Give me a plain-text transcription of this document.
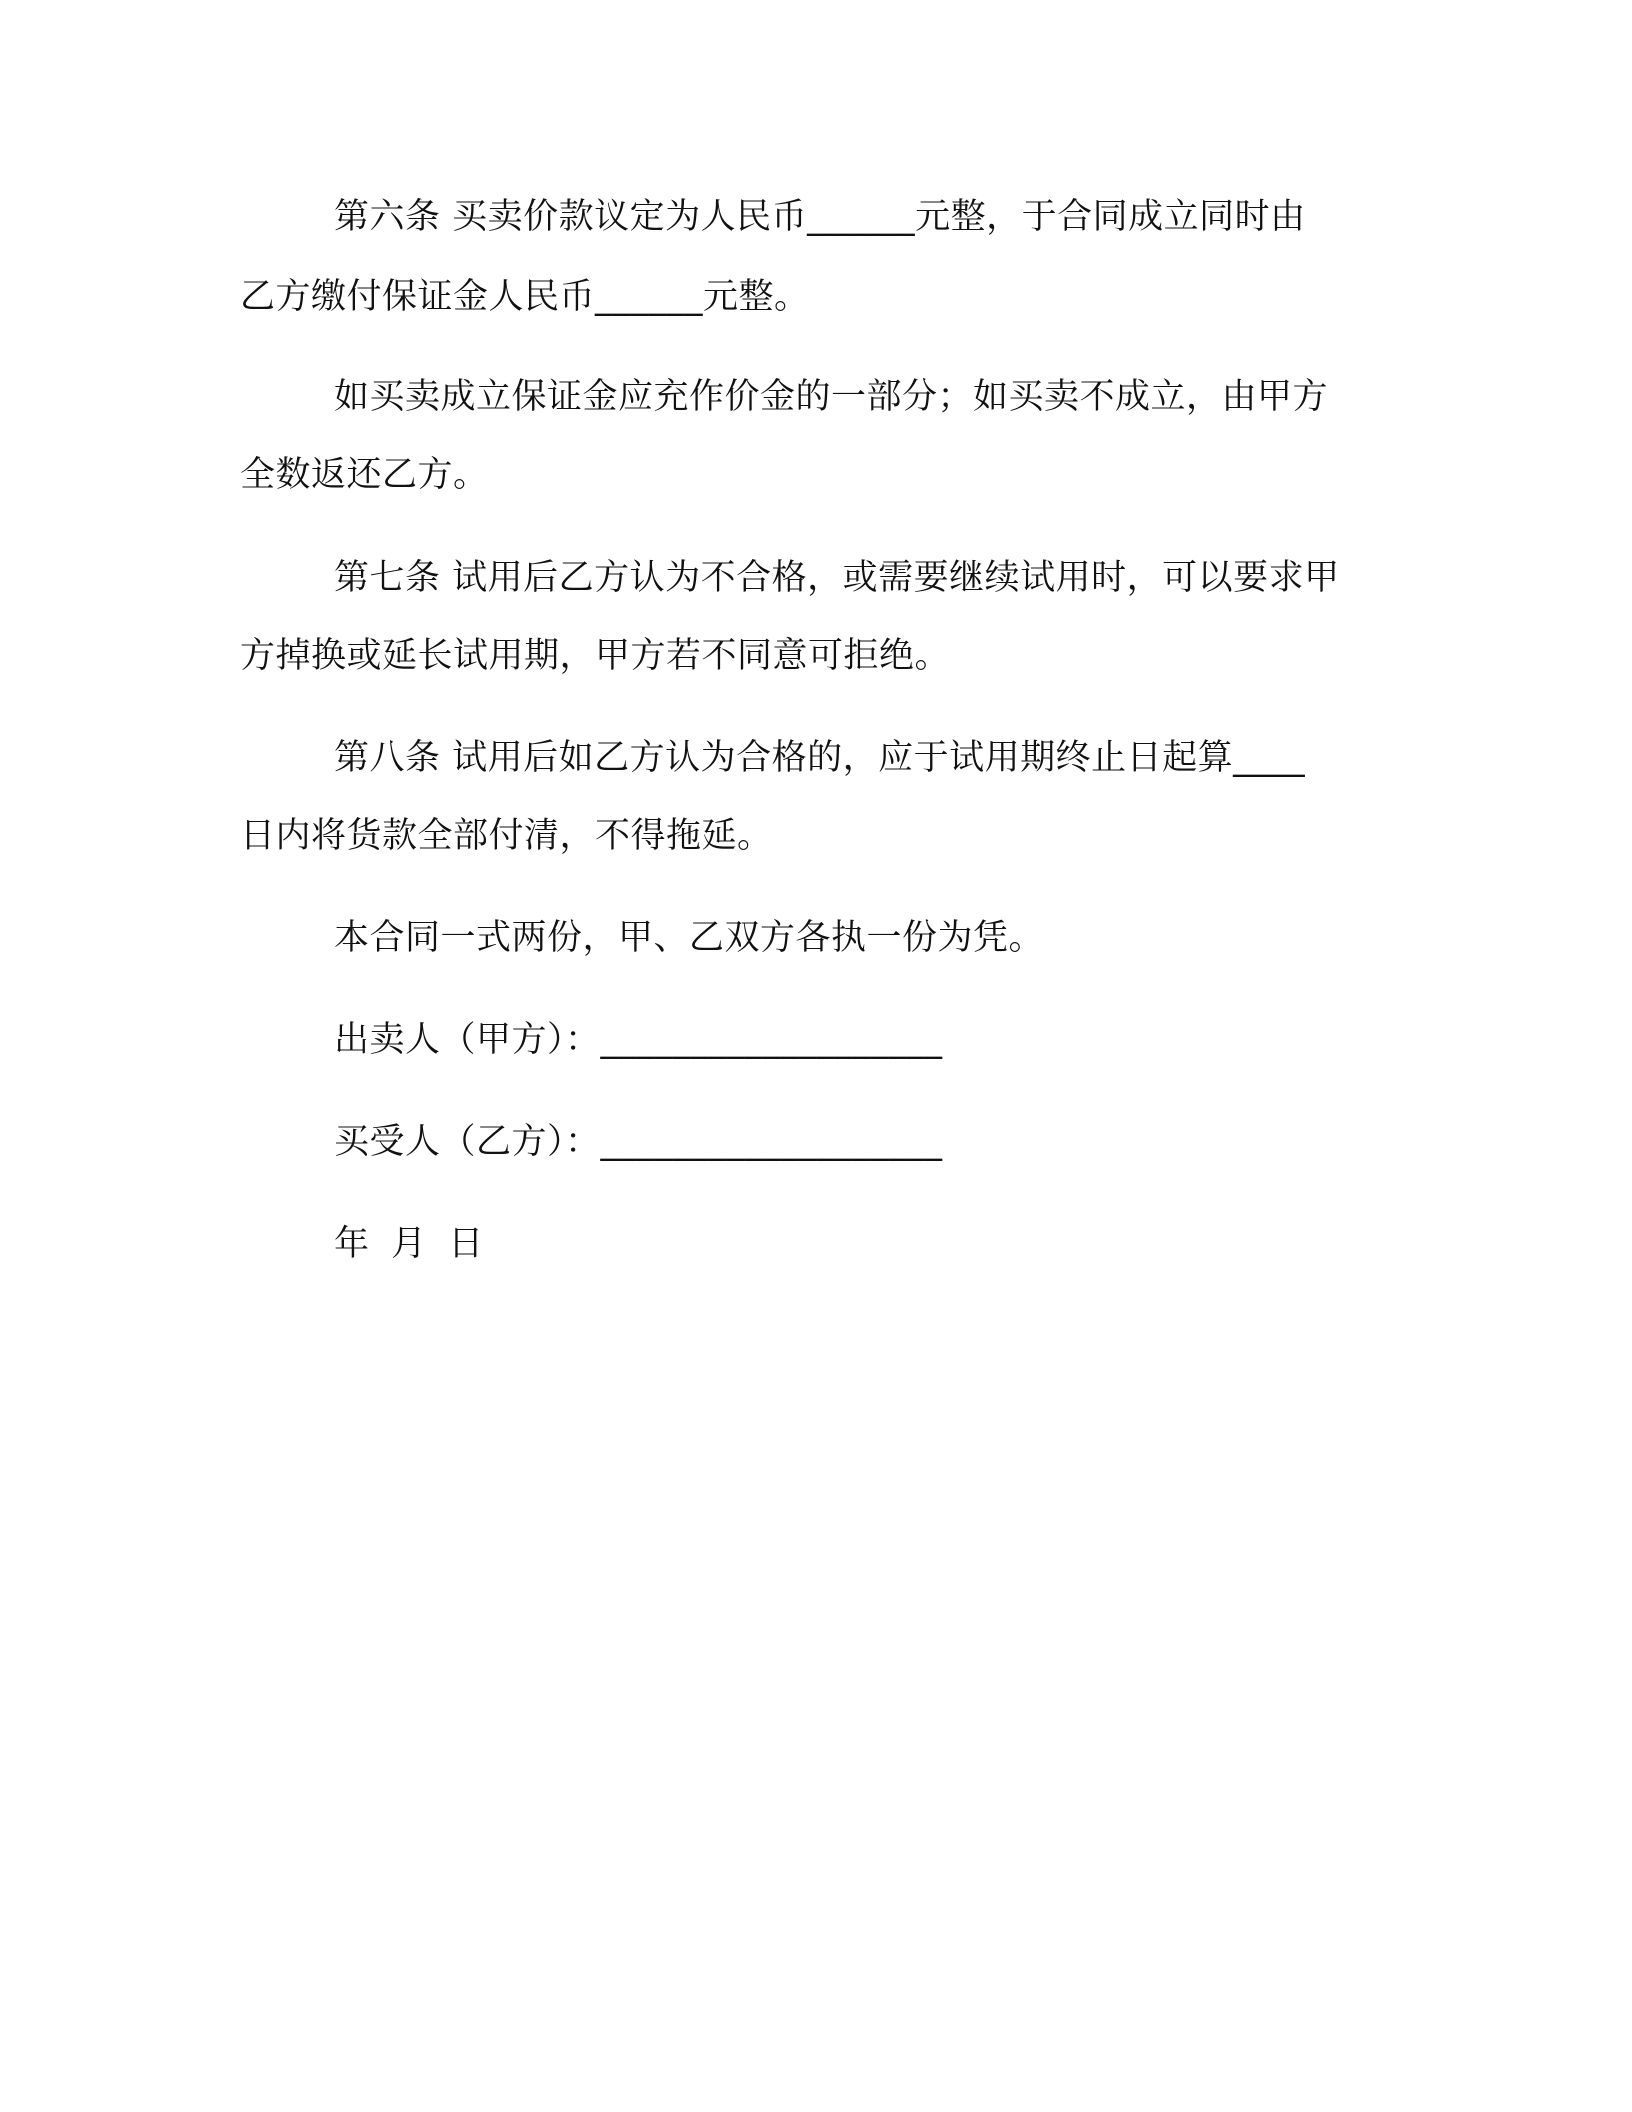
第六条 买卖价款议定为人民币______元整，于合同成立同时由
乙方缴付保证金人民币______元整。
如买卖成立保证金应充作价金的一部分；如买卖不成立，由甲方
全数返还乙方。
第七条 试用后乙方认为不合格，或需要继续试用时，可以要求甲
方掉换或延长试用期，甲方若不同意可拒绝。
第八条 试用后如乙方认为合格的，应于试用期终止日起算____
日内将货款全部付清，不得拖延。
本合同一式两份，甲、乙双方各执一份为凭。
出卖人（甲方）：___________________
买受人（乙方）：___________________
年 月 日
